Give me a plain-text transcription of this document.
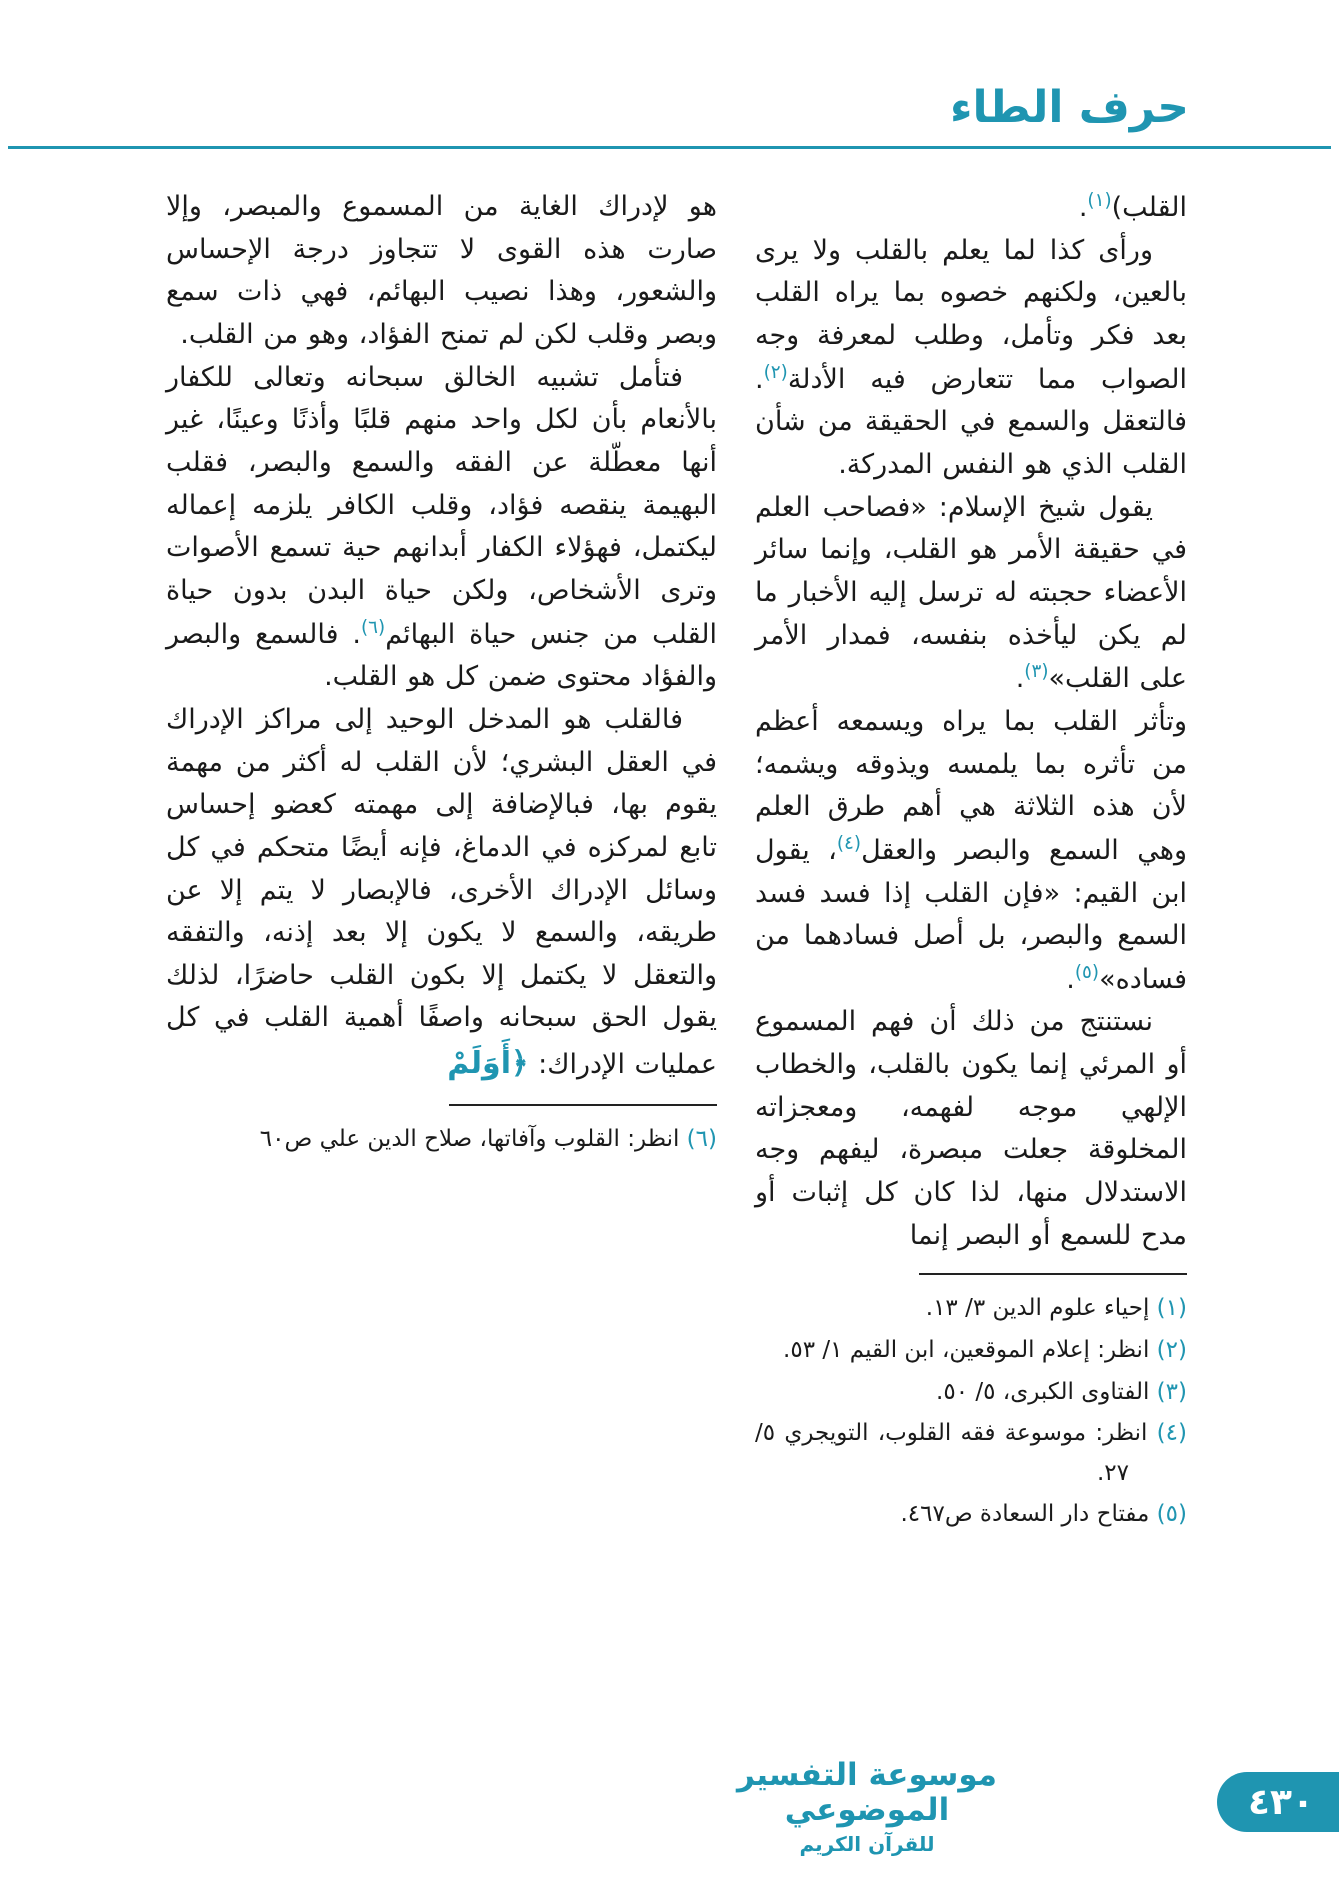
حرف الطاء

القلب)$^{(١)}$.

ورأى كذا لما يعلم بالقلب ولا يرى بالعين، ولكنهم خصوه بما يراه القلب بعد فكر وتأمل، وطلب لمعرفة وجه الصواب مما تتعارض فيه الأدلة$^{(٢)}$. فالتعقل والسمع في الحقيقة من شأن القلب الذي هو النفس المدركة.

يقول شيخ الإسلام: «فصاحب العلم في حقيقة الأمر هو القلب، وإنما سائر الأعضاء حجبته له ترسل إليه الأخبار ما لم يكن ليأخذه بنفسه، فمدار الأمر على القلب»$^{(٣)}$.

وتأثر القلب بما يراه ويسمعه أعظم من تأثره بما يلمسه ويذوقه ويشمه؛ لأن هذه الثلاثة هي أهم طرق العلم وهي السمع والبصر والعقل$^{(٤)}$، يقول ابن القيم: «فإن القلب إذا فسد فسد السمع والبصر، بل أصل فسادهما من فساده»$^{(٥)}$.

نستنتج من ذلك أن فهم المسموع أو المرئي إنما يكون بالقلب، والخطاب الإلهي موجه لفهمه، ومعجزاته المخلوقة جعلت مبصرة، ليفهم وجه الاستدلال منها، لذا كان كل إثبات أو مدح للسمع أو البصر إنما

(١) إحياء علوم الدين ٣/ ١٣.

(٢) انظر: إعلام الموقعين، ابن القيم ١/ ٥٣.

(٣) الفتاوى الكبرى، ٥/ ٥٠.

(٤) انظر: موسوعة فقه القلوب، التويجري ٥/ ٢٧.

(٥) مفتاح دار السعادة ص٤٦٧.

هو لإدراك الغاية من المسموع والمبصر، وإلا صارت هذه القوى لا تتجاوز درجة الإحساس والشعور، وهذا نصيب البهائم، فهي ذات سمع وبصر وقلب لكن لم تمنح الفؤاد، وهو من القلب.

فتأمل تشبيه الخالق سبحانه وتعالى للكفار بالأنعام بأن لكل واحد منهم قلبًا وأذنًا وعينًا، غير أنها معطّلة عن الفقه والسمع والبصر، فقلب البهيمة ينقصه فؤاد، وقلب الكافر يلزمه إعماله ليكتمل، فهؤلاء الكفار أبدانهم حية تسمع الأصوات وترى الأشخاص، ولكن حياة البدن بدون حياة القلب من جنس حياة البهائم$^{(٦)}$. فالسمع والبصر والفؤاد محتوى ضمن كل هو القلب.

فالقلب هو المدخل الوحيد إلى مراكز الإدراك في العقل البشري؛ لأن القلب له أكثر من مهمة يقوم بها، فبالإضافة إلى مهمته كعضو إحساس تابع لمركزه في الدماغ، فإنه أيضًا متحكم في كل وسائل الإدراك الأخرى، فالإبصار لا يتم إلا عن طريقه، والسمع لا يكون إلا بعد إذنه، والتفقه والتعقل لا يكتمل إلا بكون القلب حاضرًا، لذلك يقول الحق سبحانه واصفًا أهمية القلب في كل عمليات الإدراك: ﴿أَوَلَمْ

(٦) انظر: القلوب وآفاتها، صلاح الدين علي ص٦٠

موسوعة التفسير الموضوعي
للقرآن الكريم
٤٣٠
